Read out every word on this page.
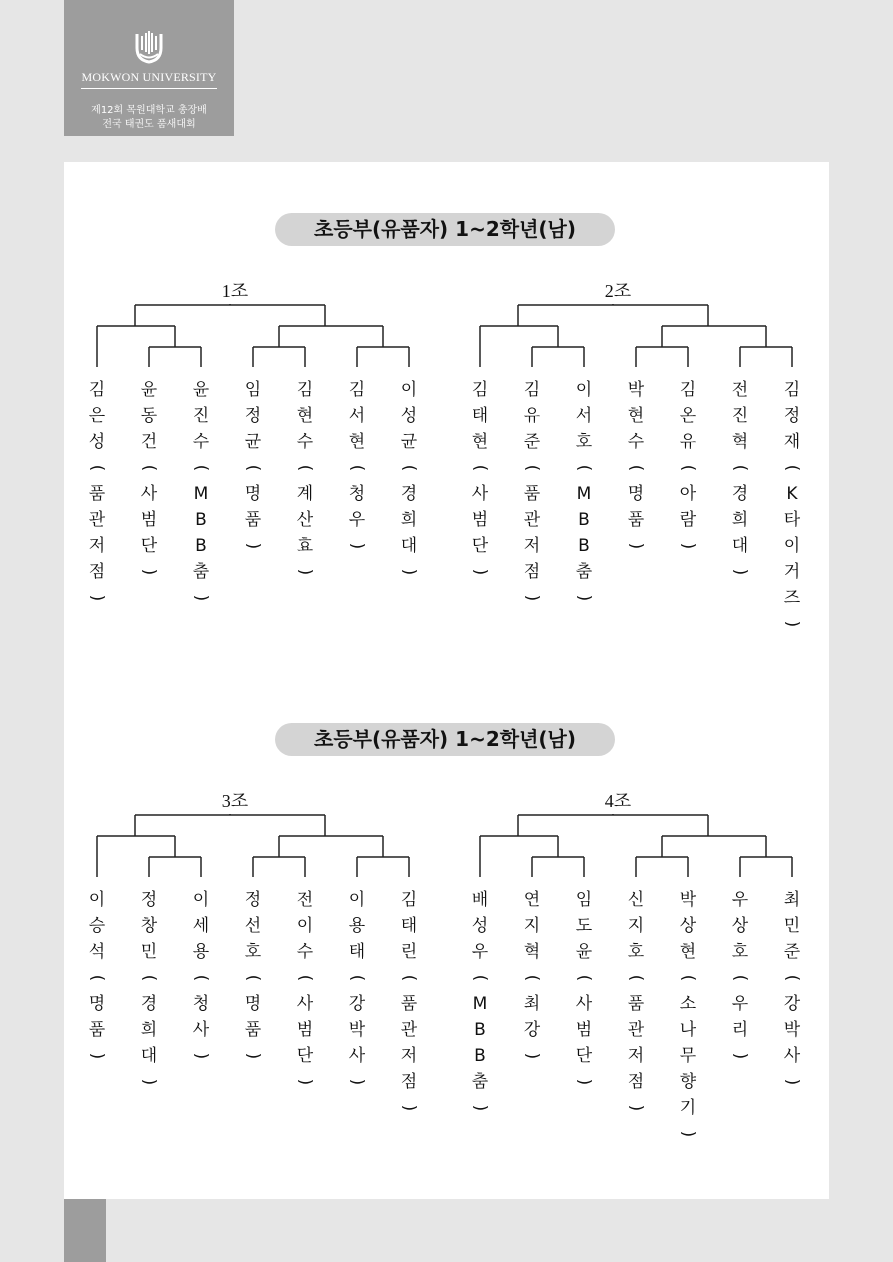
MOKWON UNIVERSITY
제12회 목원대학교 총장배
전국 태권도 품새대회
초등부(유품자) 1~2학년(남)
1조
김
은
성
(
품
관
저
점
)
윤
동
건
(
사
범
단
)
윤
진
수
(
M
B
B
춤
)
임
정
균
(
명
품
)
김
현
수
(
계
산
효
)
김
서
현
(
청
우
)
이
성
균
(
경
희
대
)
2조
김
태
현
(
사
범
단
)
김
유
준
(
품
관
저
점
)
이
서
호
(
M
B
B
춤
)
박
현
수
(
명
품
)
김
온
유
(
아
람
)
전
진
혁
(
경
희
대
)
김
정
재
(
K
타
이
거
즈
)
초등부(유품자) 1~2학년(남)
3조
이
승
석
(
명
품
)
정
창
민
(
경
희
대
)
이
세
용
(
청
사
)
정
선
호
(
명
품
)
전
이
수
(
사
범
단
)
이
용
태
(
강
박
사
)
김
태
린
(
품
관
저
점
)
4조
배
성
우
(
M
B
B
춤
)
연
지
혁
(
최
강
)
임
도
윤
(
사
범
단
)
신
지
호
(
품
관
저
점
)
박
상
현
(
소
나
무
향
기
)
우
상
호
(
우
리
)
최
민
준
(
강
박
사
)
